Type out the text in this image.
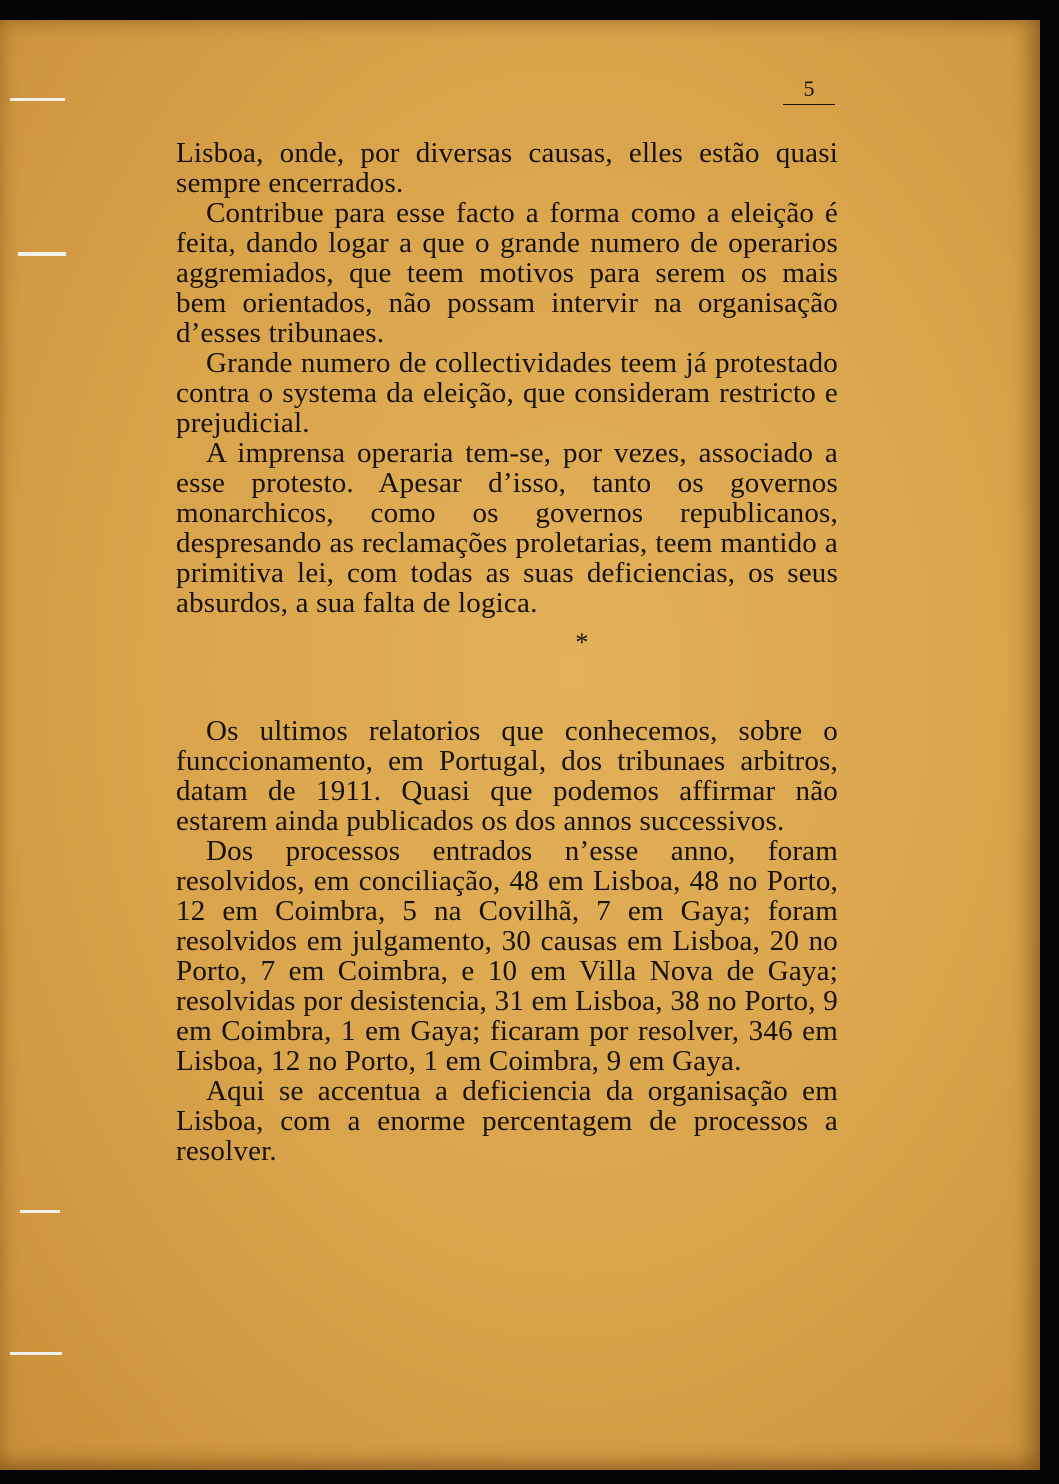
5

Lisboa, onde, por diversas causas, elles estão quasi sempre encerrados.

Contribue para esse facto a forma como a eleição é feita, dando logar a que o grande numero de operarios aggremiados, que teem motivos para serem os mais bem orientados, não possam intervir na organisação d’esses tribunaes.

Grande numero de collectividades teem já protestado contra o systema da eleição, que consideram restricto e prejudicial.

A imprensa operaria tem-se, por vezes, associado a esse protesto. Apesar d’isso, tanto os governos monarchicos, como os governos republicanos, despresando as reclamações proletarias, teem mantido a primitiva lei, com todas as suas deficiencias, os seus absurdos, a sua falta de logica.

*

Os ultimos relatorios que conhecemos, sobre o funccionamento, em Portugal, dos tribunaes arbitros, datam de 1911. Quasi que podemos affirmar não estarem ainda publicados os dos annos successivos.

Dos processos entrados n’esse anno, foram resolvidos, em conciliação, 48 em Lisboa, 48 no Porto, 12 em Coimbra, 5 na Covilhã, 7 em Gaya; foram resolvidos em julgamento, 30 causas em Lisboa, 20 no Porto, 7 em Coimbra, e 10 em Villa Nova de Gaya; resolvidas por desistencia, 31 em Lisboa, 38 no Porto, 9 em Coimbra, 1 em Gaya; ficaram por resolver, 346 em Lisboa, 12 no Porto, 1 em Coimbra, 9 em Gaya.

Aqui se accentua a deficiencia da organisação em Lisboa, com a enorme percentagem de processos a resolver.
